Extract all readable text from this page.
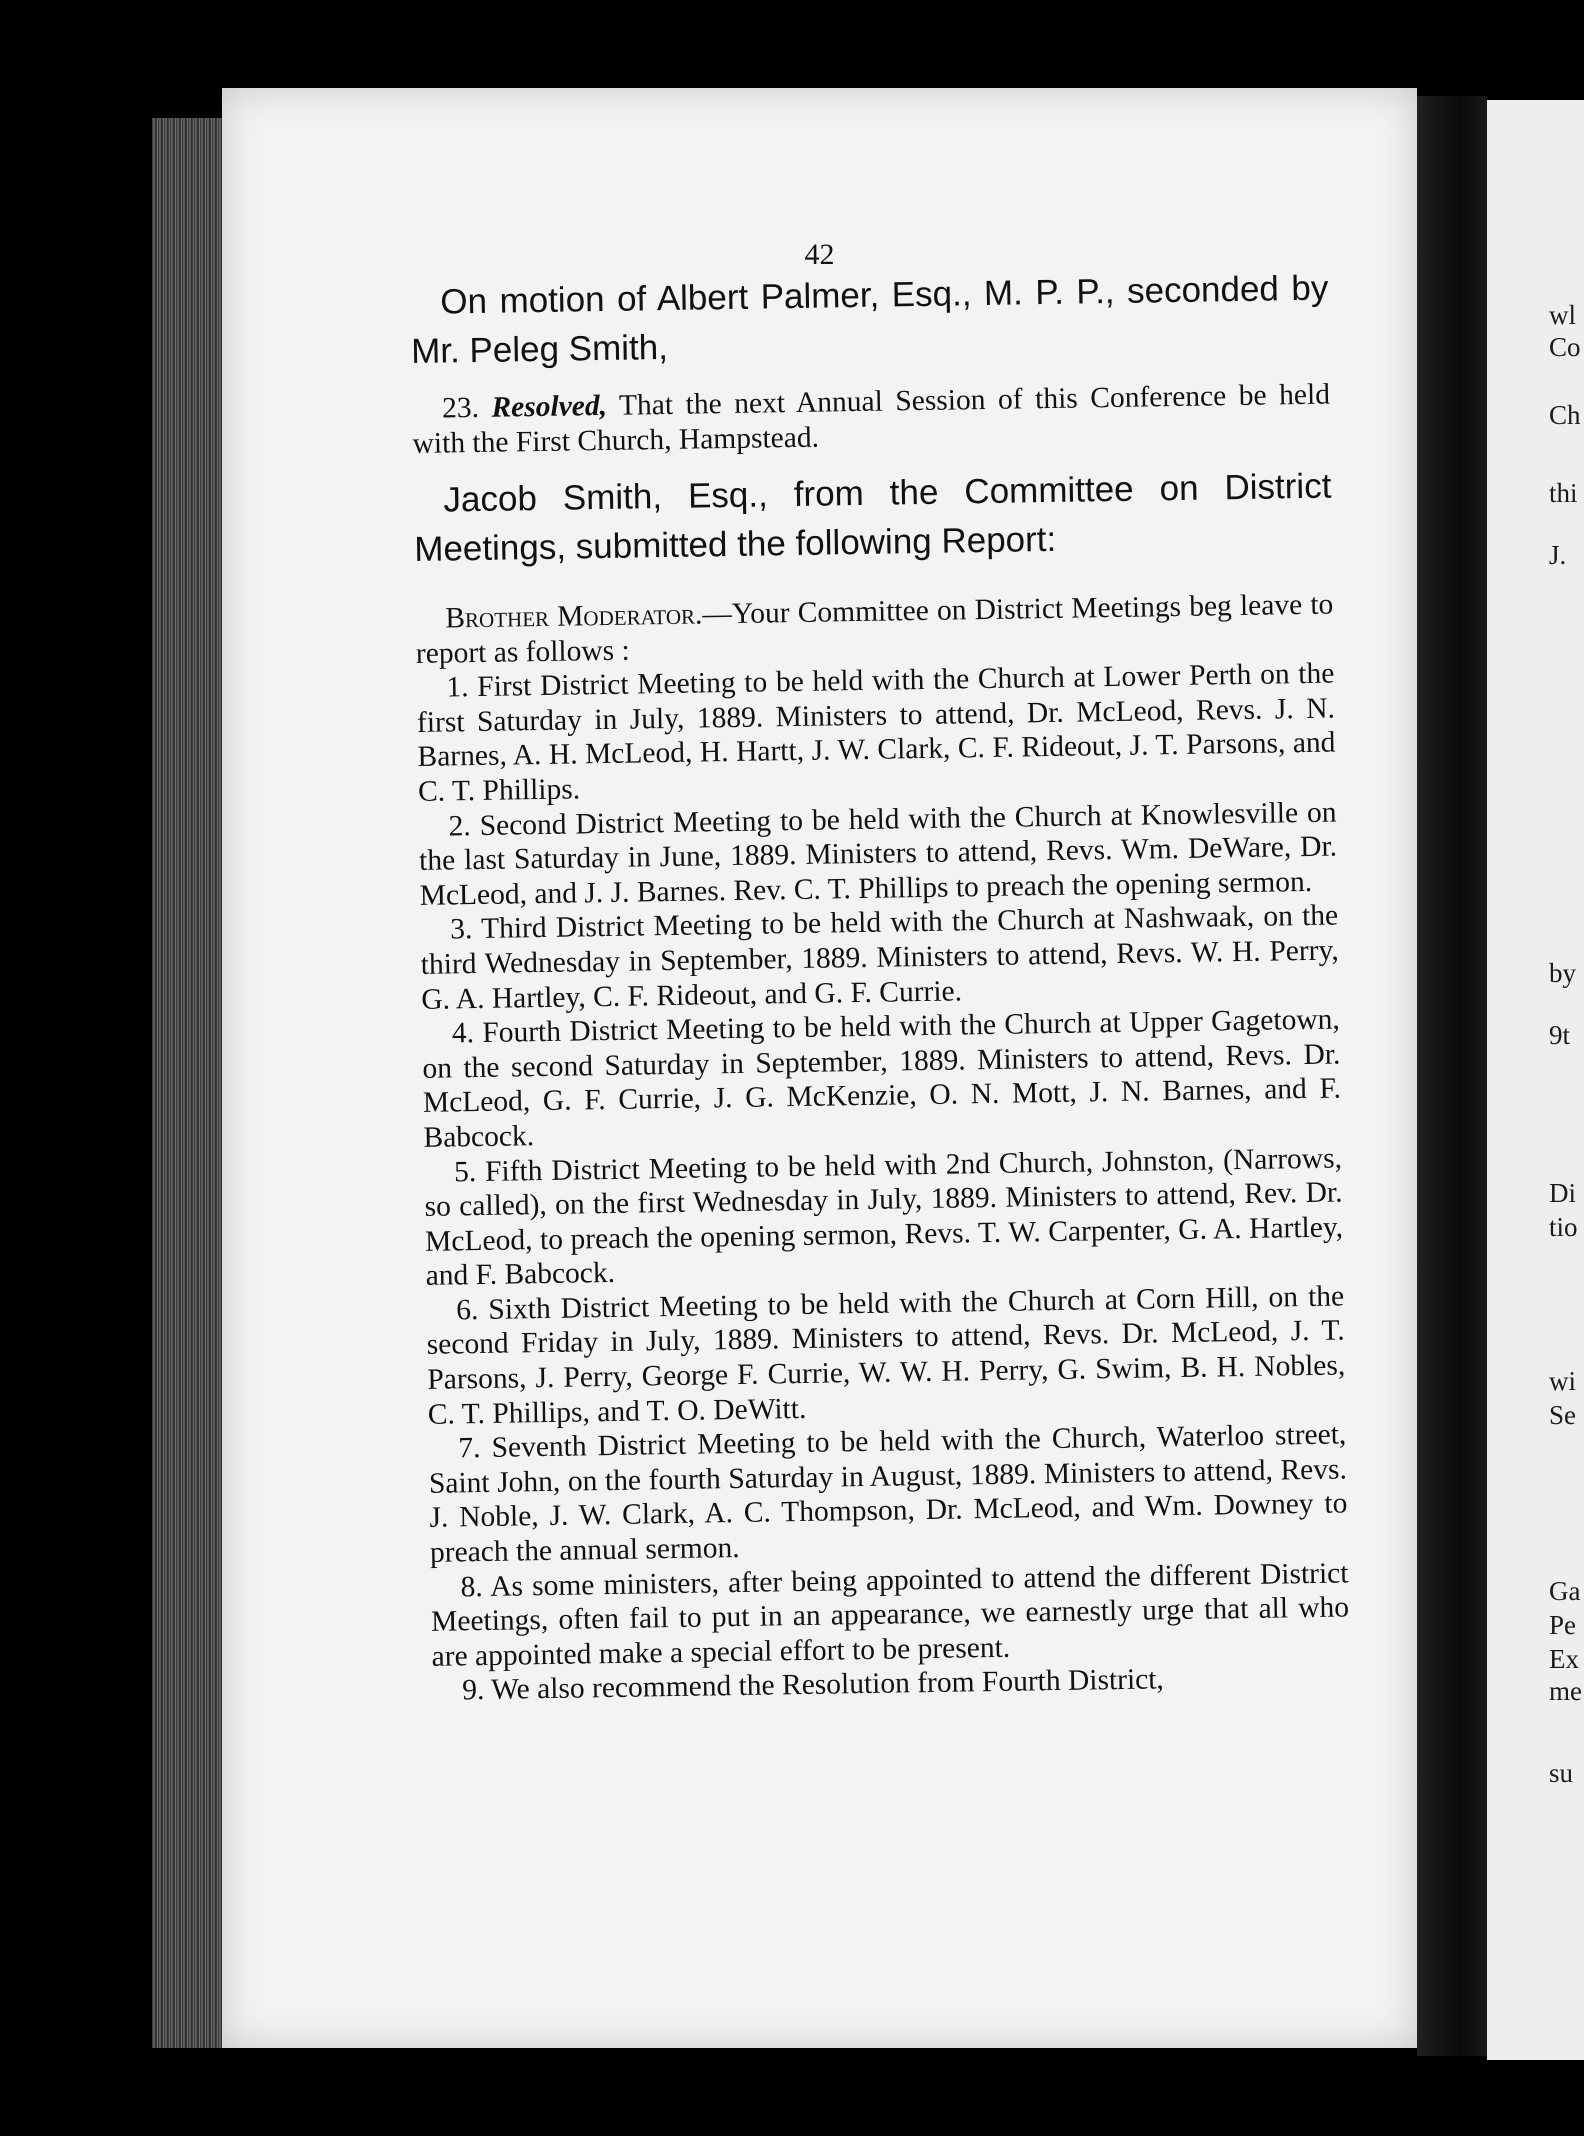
42

On motion of Albert Palmer, Esq., M. P. P., seconded by Mr. Peleg Smith,

23. Resolved, That the next Annual Session of this Conference be held with the First Church, Hampstead.

Jacob Smith, Esq., from the Committee on District Meetings, submitted the following Report:

Brother Moderator.—Your Committee on District Meetings beg leave to report as follows :

1. First District Meeting to be held with the Church at Lower Perth on the first Saturday in July, 1889. Ministers to attend, Dr. McLeod, Revs. J. N. Barnes, A. H. McLeod, H. Hartt, J. W. Clark, C. F. Rideout, J. T. Parsons, and C. T. Phillips.

2. Second District Meeting to be held with the Church at Knowlesville on the last Saturday in June, 1889. Ministers to attend, Revs. Wm. DeWare, Dr. McLeod, and J. J. Barnes. Rev. C. T. Phillips to preach the opening sermon.

3. Third District Meeting to be held with the Church at Nashwaak, on the third Wednesday in September, 1889. Ministers to attend, Revs. W. H. Perry, G. A. Hartley, C. F. Rideout, and G. F. Currie.

4. Fourth District Meeting to be held with the Church at Upper Gagetown, on the second Saturday in September, 1889. Ministers to attend, Revs. Dr. McLeod, G. F. Currie, J. G. McKenzie, O. N. Mott, J. N. Barnes, and F. Babcock.

5. Fifth District Meeting to be held with 2nd Church, Johnston, (Narrows, so called), on the first Wednesday in July, 1889. Ministers to attend, Rev. Dr. McLeod, to preach the opening sermon, Revs. T. W. Carpenter, G. A. Hartley, and F. Babcock.

6. Sixth District Meeting to be held with the Church at Corn Hill, on the second Friday in July, 1889. Ministers to attend, Revs. Dr. McLeod, J. T. Parsons, J. Perry, George F. Currie, W. W. H. Perry, G. Swim, B. H. Nobles, C. T. Phillips, and T. O. DeWitt.

7. Seventh District Meeting to be held with the Church, Waterloo street, Saint John, on the fourth Saturday in August, 1889. Ministers to attend, Revs. J. Noble, J. W. Clark, A. C. Thompson, Dr. McLeod, and Wm. Downey to preach the annual sermon.

8. As some ministers, after being appointed to attend the different District Meetings, often fail to put in an appearance, we earnestly urge that all who are appointed make a special effort to be present.

9. We also recommend the Resolution from Fourth District,

wl
Co
Ch
thi
J.
by
9t
Di
tio
wi
Se
Ga
Pe
Ex
me
su
